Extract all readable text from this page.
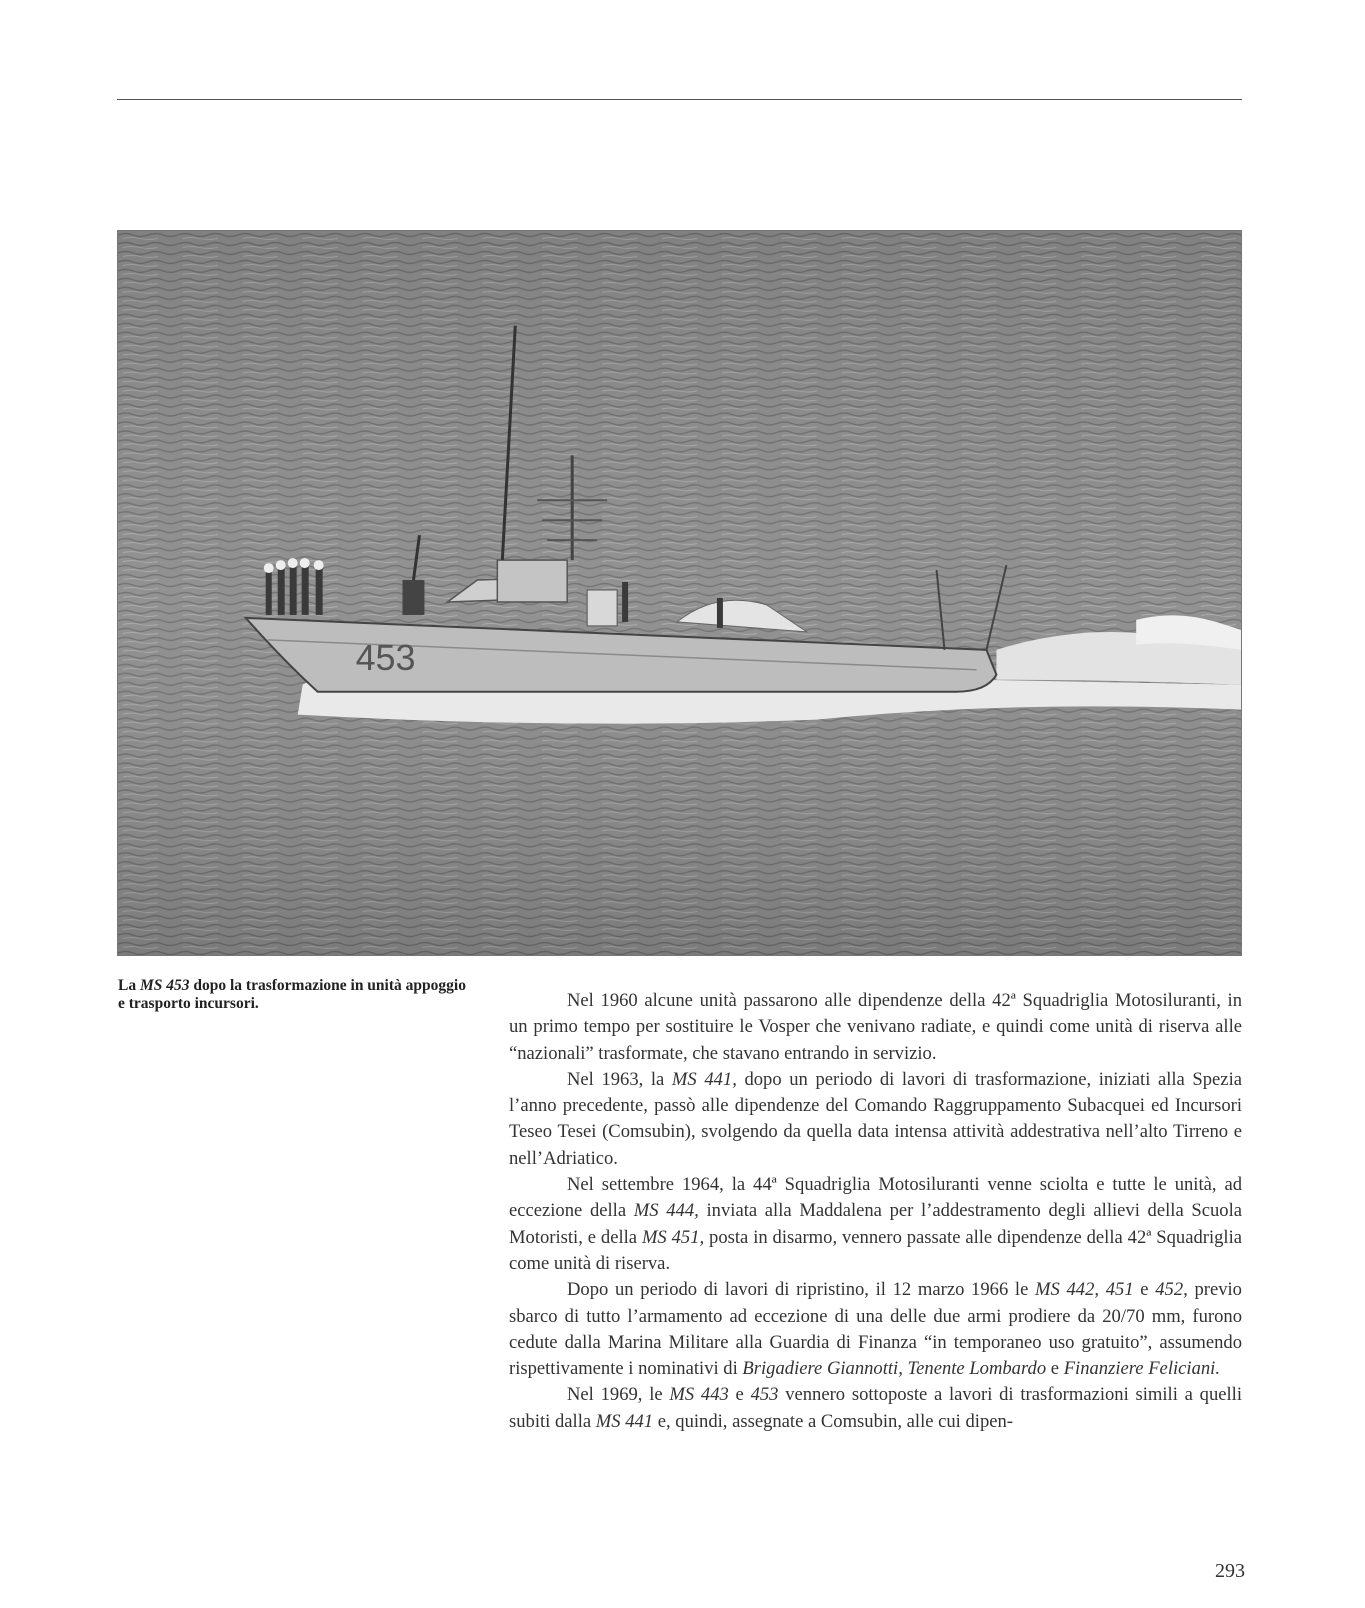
453
La MS 453 dopo la trasformazione in unità appoggio e trasporto incursori.	Nel 1960 alcune unità passarono alle dipendenze della 42ª Squadriglia Motosiluranti, in un primo tempo per sostituire le Vosper che venivano radiate, e quindi come unità di riserva alle “nazionali” trasformate, che stavano entrando in servizio.

Nel 1963, la MS 441, dopo un periodo di lavori di trasformazione, iniziati alla Spezia l’anno precedente, passò alle dipendenze del Comando Raggruppamento Subacquei ed Incursori Teseo Tesei (Comsubin), svolgendo da quella data intensa attività addestrativa nell’alto Tirreno e nell’Adriatico.

Nel settembre 1964, la 44ª Squadriglia Motosiluranti venne sciolta e tutte le unità, ad eccezione della MS 444, inviata alla Maddalena per l’addestramento degli allievi della Scuola Motoristi, e della MS 451, posta in disarmo, vennero passate alle dipendenze della 42ª Squadriglia come unità di riserva.

Dopo un periodo di lavori di ripristino, il 12 marzo 1966 le MS 442, 451 e 452, previo sbarco di tutto l’armamento ad eccezione di una delle due armi prodiere da 20/70 mm, furono cedute dalla Marina Militare alla Guardia di Finanza “in temporaneo uso gratuito”, assumendo rispettivamente i nominativi di Brigadiere Giannotti, Tenente Lombardo e Finanziere Feliciani.

Nel 1969, le MS 443 e 453 vennero sottoposte a lavori di trasformazioni simili a quelli subiti dalla MS 441 e, quindi, assegnate a Comsubin, alle cui dipen-

293
